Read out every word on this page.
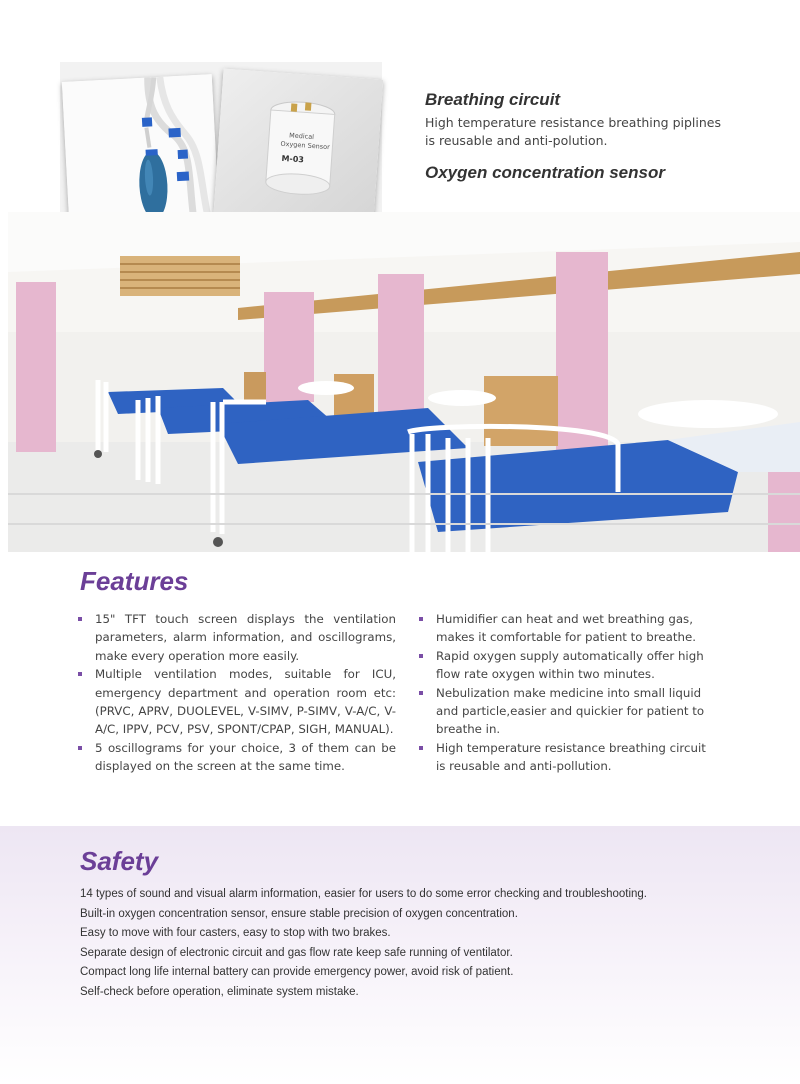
Medical
Oxygen Sensor
M-03
Breathing circuit
High temperature resistance breathing piplines
is reusable and anti-polution.
Oxygen concentration sensor
Features
15" TFT touch screen displays the ventilation parameters, alarm information, and oscillograms, make every operation more easily.
Multiple ventilation modes, suitable for ICU, emergency department and operation room etc: (PRVC, APRV, DUOLEVEL, V-SIMV, P-SIMV, V-A/C, V-A/C, IPPV, PCV, PSV, SPONT/CPAP, SIGH, MANUAL).
5 oscillograms for your choice, 3 of them can be displayed on the screen at the same time.
Humidifier can heat and wet breathing gas, makes it comfortable for patient to breathe.
Rapid oxygen supply automatically offer high flow rate oxygen within two minutes.
Nebulization make medicine into small liquid and particle,easier and quickier for patient to breathe in.
High temperature resistance breathing circuit is reusable and anti-pollution.
Safety
14 types of sound and visual alarm information, easier for users to do some error checking and troubleshooting.
Built-in oxygen concentration sensor, ensure stable precision of oxygen concentration.
Easy to move with four casters, easy to stop with two brakes.
Separate design of electronic circuit and gas flow rate keep safe running of ventilator.
Compact long life internal battery can provide emergency power, avoid risk of patient.
Self-check before operation, eliminate system mistake.
